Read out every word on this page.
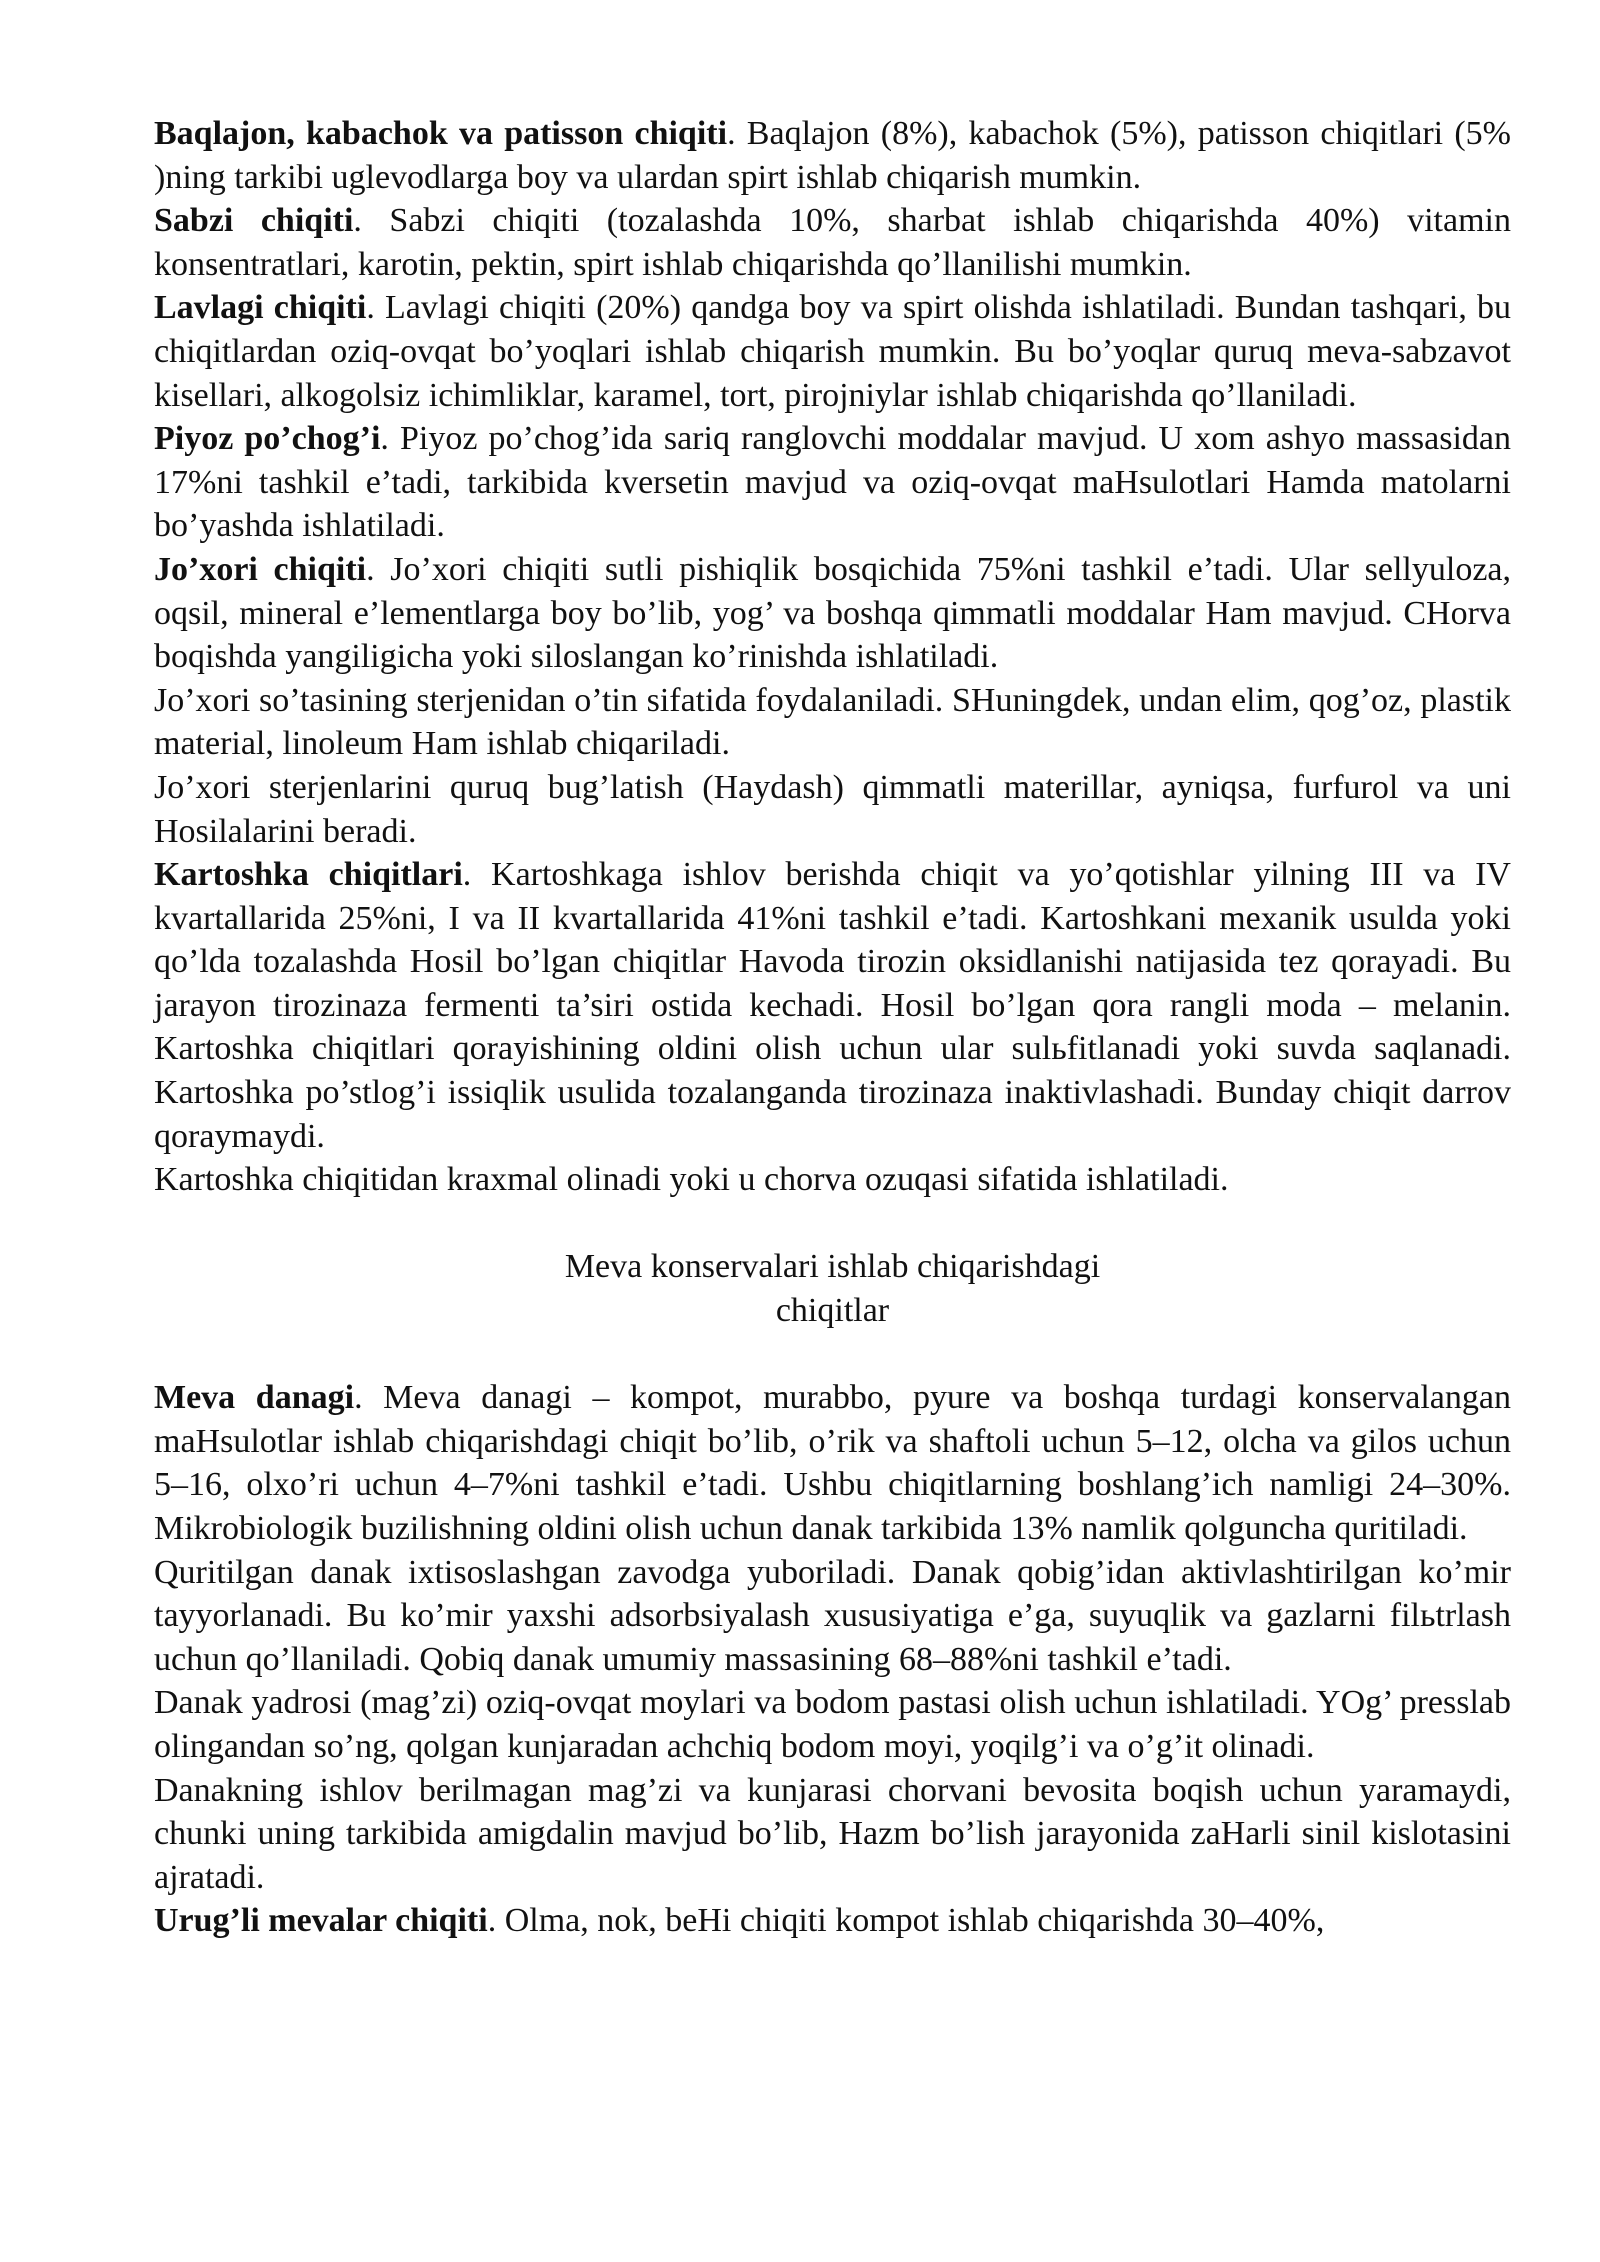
Baqlajon, kabachok va patisson chiqiti. Baqlajon (8%), kabachok (5%), patisson chiqitlari (5% )ning tarkibi uglevodlarga boy va ulardan spirt ishlab chiqarish mumkin.

Sabzi chiqiti. Sabzi chiqiti (tozalashda 10%, sharbat ishlab chiqarishda 40%) vitamin konsentratlari, karotin, pektin, spirt ishlab chiqarishda qo’llanilishi mumkin.

Lavlagi chiqiti. Lavlagi chiqiti (20%) qandga boy va spirt olishda ishlatiladi. Bundan tashqari, bu chiqitlardan oziq-ovqat bo’yoqlari ishlab chiqarish mumkin. Bu bo’yoqlar quruq meva-sabzavot kisellari, alkogolsiz ichimliklar, karamel, tort, pirojniylar ishlab chiqarishda qo’llaniladi.

Piyoz po’chog’i. Piyoz po’chog’ida sariq ranglovchi moddalar mavjud. U xom ashyo massasidan 17%ni tashkil e’tadi, tarkibida kversetin mavjud va oziq-ovqat maHsulotlari Hamda matolarni bo’yashda ishlatiladi.

Jo’xori chiqiti. Jo’xori chiqiti sutli pishiqlik bosqichida 75%ni tashkil e’tadi. Ular sellyuloza, oqsil, mineral e’lementlarga boy bo’lib, yog’ va boshqa qimmatli moddalar Ham mavjud. CHorva boqishda yangiligicha yoki siloslangan ko’rinishda ishlatiladi.

Jo’xori so’tasining sterjenidan o’tin sifatida foydalaniladi. SHuningdek, undan elim, qog’oz, plastik material, linoleum Ham ishlab chiqariladi.

Jo’xori sterjenlarini quruq bug’latish (Haydash) qimmatli materillar, ayniqsa, furfurol va uni Hosilalarini beradi.

Kartoshka chiqitlari. Kartoshkaga ishlov berishda chiqit va yo’qotishlar yilning III va IV kvartallarida 25%ni, I va II kvartallarida 41%ni tashkil e’tadi. Kartoshkani mexanik usulda yoki qo’lda tozalashda Hosil bo’lgan chiqitlar Havoda tirozin oksidlanishi natijasida tez qorayadi. Bu jarayon tirozinaza fermenti ta’siri ostida kechadi. Hosil bo’lgan qora rangli moda – melanin. Kartoshka chiqitlari qorayishining oldini olish uchun ular sulьfitlanadi yoki suvda saqlanadi. Kartoshka po’stlog’i issiqlik usulida tozalanganda tirozinaza inaktivlashadi. Bunday chiqit darrov qoraymaydi.

Kartoshka chiqitidan kraxmal olinadi yoki u chorva ozuqasi sifatida ishlatiladi.

Meva konservalari ishlab chiqarishdagi
chiqitlar

Meva danagi. Meva danagi – kompot, murabbo, pyure va boshqa turdagi konservalangan maHsulotlar ishlab chiqarishdagi chiqit bo’lib, o’rik va shaftoli uchun 5–12, olcha va gilos uchun 5–16, olxo’ri uchun 4–7%ni tashkil e’tadi. Ushbu chiqitlarning boshlang’ich namligi 24–30%. Mikrobiologik buzilishning oldini olish uchun danak tarkibida 13% namlik qolguncha quritiladi.

Quritilgan danak ixtisoslashgan zavodga yuboriladi. Danak qobig’idan aktivlashtirilgan ko’mir tayyorlanadi. Bu ko’mir yaxshi adsorbsiyalash xususiyatiga e’ga, suyuqlik va gazlarni filьtrlash uchun qo’llaniladi. Qobiq danak umumiy massasining 68–88%ni tashkil e’tadi.

Danak yadrosi (mag’zi) oziq-ovqat moylari va bodom pastasi olish uchun ishlatiladi. YOg’ presslab olingandan so’ng, qolgan kunjaradan achchiq bodom moyi, yoqilg’i va o’g’it olinadi.

Danakning ishlov berilmagan mag’zi va kunjarasi chorvani bevosita boqish uchun yaramaydi, chunki uning tarkibida amigdalin mavjud bo’lib, Hazm bo’lish jarayonida zaHarli sinil kislotasini ajratadi.

Urug’li mevalar chiqiti. Olma, nok, beHi chiqiti kompot ishlab chiqarishda 30–40%,
